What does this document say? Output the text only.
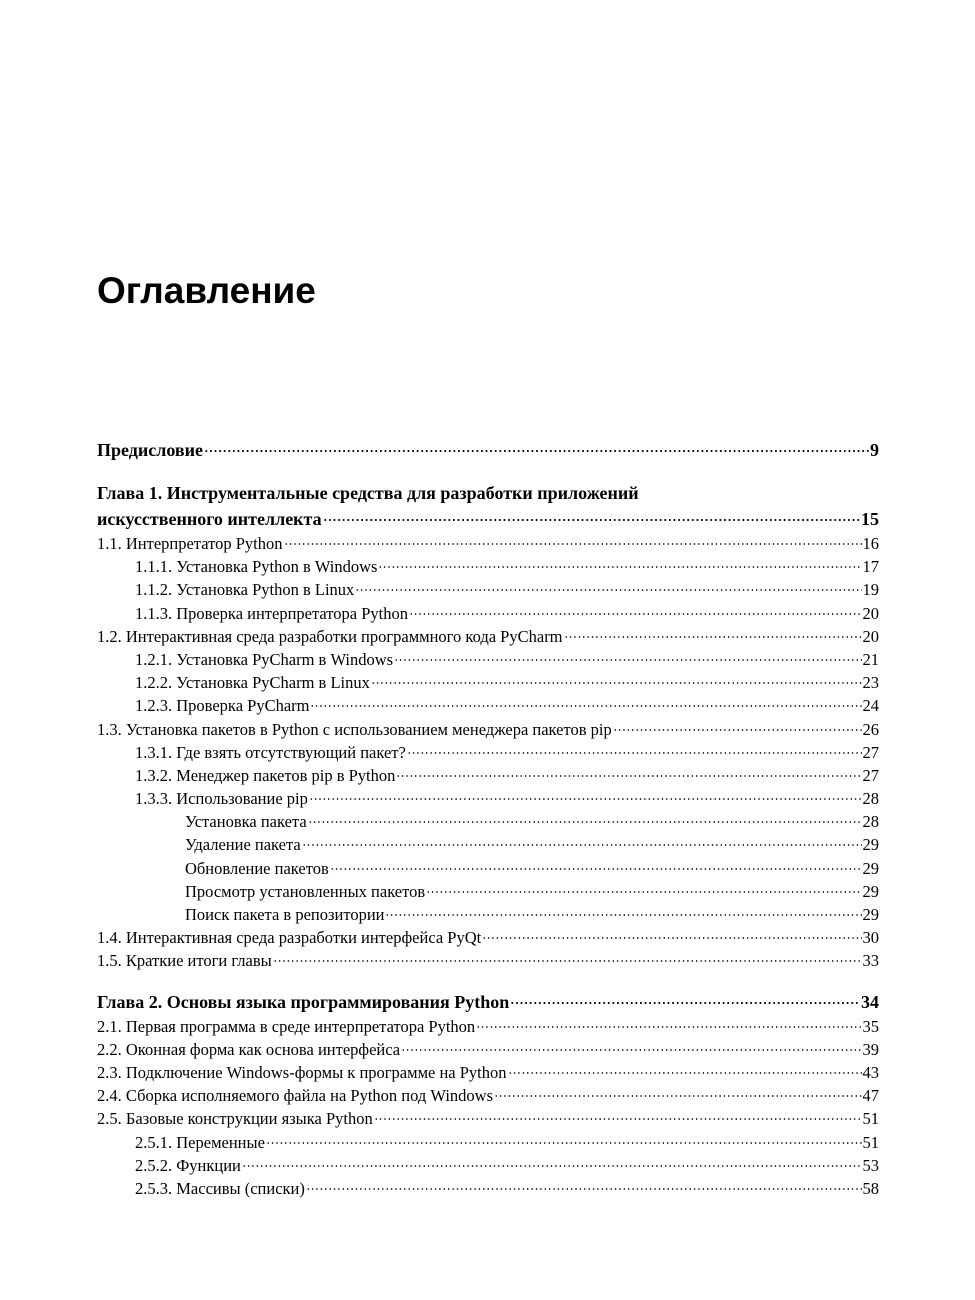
Оглавление
Предисловие	9
Глава 1. Инструментальные средства для разработки приложений
искусственного интеллекта	15
1.1. Интерпретатор Python	16
1.1.1. Установка Python в Windows	17
1.1.2. Установка Python в Linux	19
1.1.3. Проверка интерпретатора Python	20
1.2. Интерактивная среда разработки программного кода PyCharm	20
1.2.1. Установка PyCharm в Windows	21
1.2.2. Установка PyCharm в Linux	23
1.2.3. Проверка PyCharm	24
1.3. Установка пакетов в Python с использованием менеджера пакетов pip	26
1.3.1. Где взять отсутствующий пакет?	27
1.3.2. Менеджер пакетов pip в Python	27
1.3.3. Использование pip	28
Установка пакета	28
Удаление пакета	29
Обновление пакетов	29
Просмотр установленных пакетов	29
Поиск пакета в репозитории	29
1.4. Интерактивная среда разработки интерфейса PyQt	30
1.5. Краткие итоги главы	33
Глава 2. Основы языка программирования Python	34
2.1. Первая программа в среде интерпретатора Python	35
2.2. Оконная форма как основа интерфейса	39
2.3. Подключение Windows-формы к программе на Python	43
2.4. Сборка исполняемого файла на Python под Windows	47
2.5. Базовые конструкции языка Python	51
2.5.1. Переменные	51
2.5.2. Функции	53
2.5.3. Массивы (списки)	58
